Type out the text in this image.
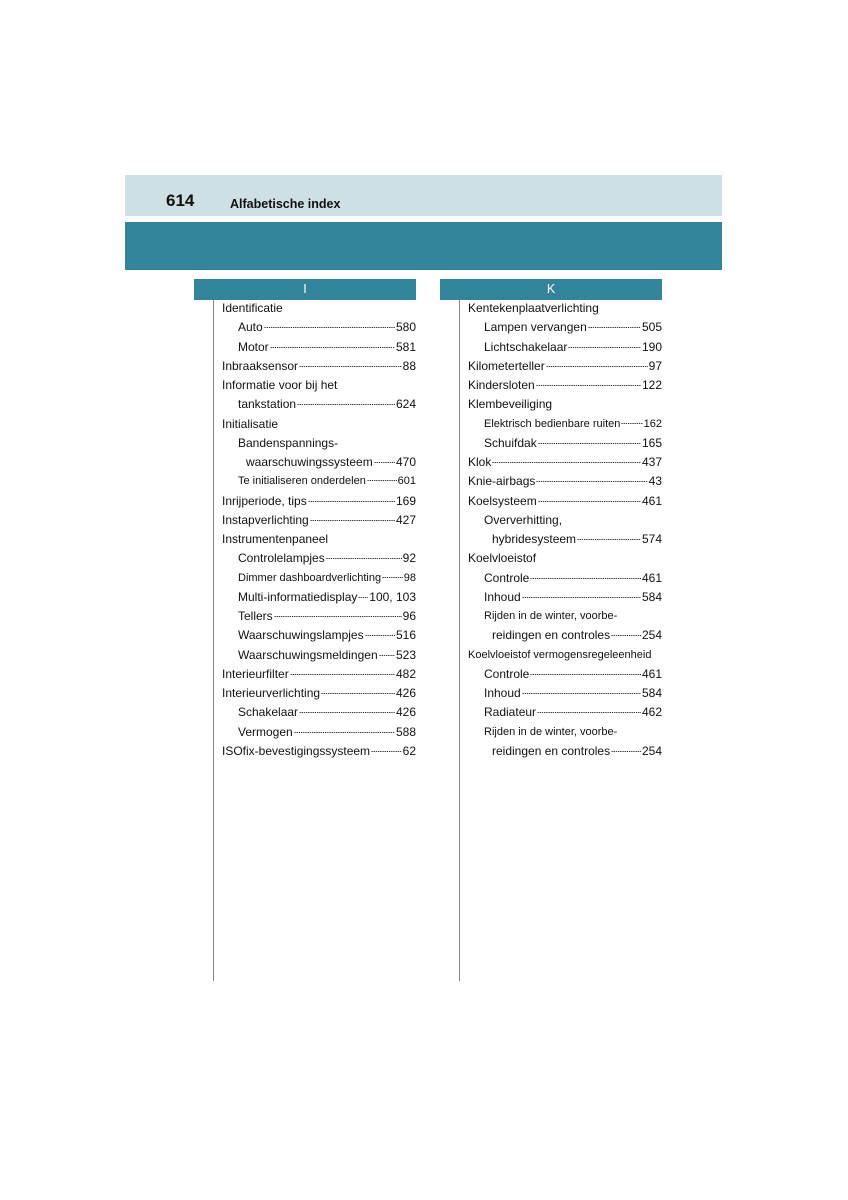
614	Alfabetische index
I
Identificatie
Auto	580
Motor	581
Inbraaksensor	88
Informatie voor bij het
tankstation	624
Initialisatie
Bandenspannings-
waarschuwingssysteem 470
Te initialiseren onderdelen	601
Inrijperiode, tips	169
Instapverlichting	427
Instrumentenpaneel
Controlelampjes	92
Dimmer dashboardverlichting 98
Multi-informatiedisplay 100, 103
Tellers	96
Waarschuwingslampjes	516
Waarschuwingsmeldingen 523
Interieurfilter	482
Interieurverlichting	426
Schakelaar	426
Vermogen	588
ISOfix-bevestigingssysteem	62
K
Kentekenplaatverlichting
Lampen vervangen	505
Lichtschakelaar	190
Kilometerteller	97
Kindersloten	122
Klembeveiliging
Elektrisch bedienbare ruiten 162
Schuifdak	165
Klok	437
Knie-airbags	43
Koelsysteem	461
Oververhitting,
hybridesysteem	574
Koelvloeistof
Controle	461
Inhoud	584
Rijden in de winter, voorbe-
reidingen en controles	254
Koelvloeistof vermogensregeleenheid
Controle	461
Inhoud	584
Radiateur	462
Rijden in de winter, voorbe-
reidingen en controles	254
